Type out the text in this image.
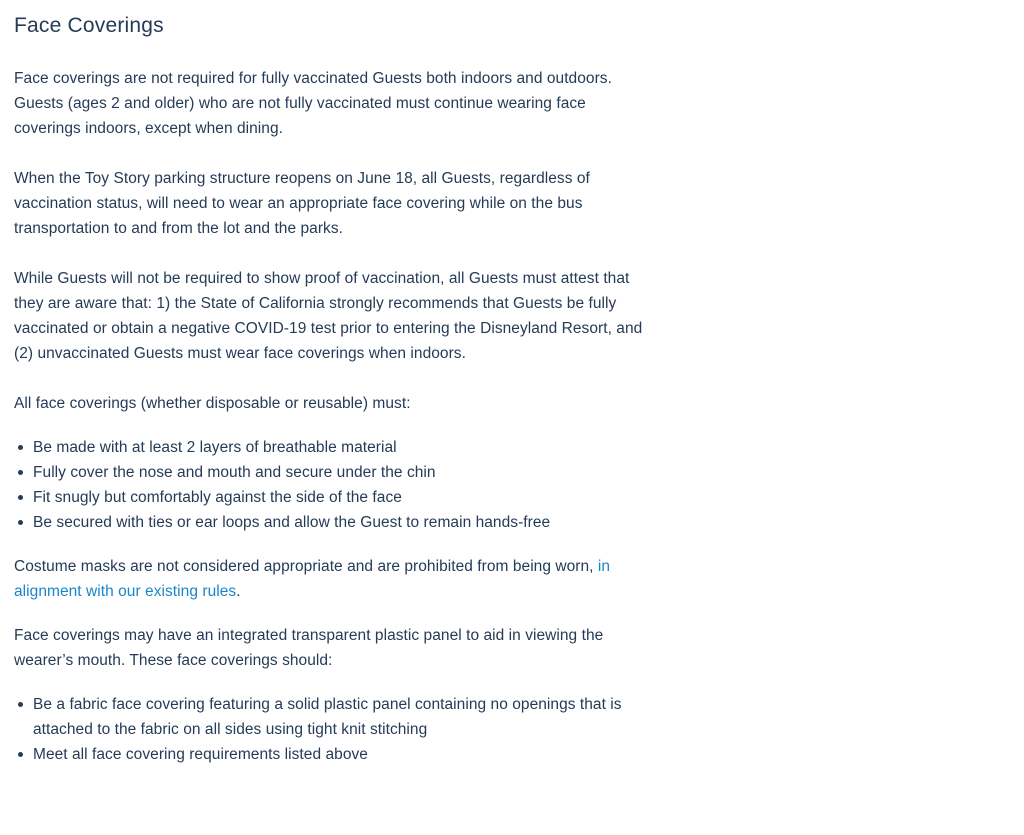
Face Coverings

Face coverings are not required for fully vaccinated Guests both indoors and outdoors. Guests (ages 2 and older) who are not fully vaccinated must continue wearing face coverings indoors, except when dining.

When the Toy Story parking structure reopens on June 18, all Guests, regardless of vaccination status, will need to wear an appropriate face covering while on the bus transportation to and from the lot and the parks.

While Guests will not be required to show proof of vaccination, all Guests must attest that they are aware that: 1) the State of California strongly recommends that Guests be fully vaccinated or obtain a negative COVID-19 test prior to entering the Disneyland Resort, and (2) unvaccinated Guests must wear face coverings when indoors.

All face coverings (whether disposable or reusable) must:

Be made with at least 2 layers of breathable material
Fully cover the nose and mouth and secure under the chin
Fit snugly but comfortably against the side of the face
Be secured with ties or ear loops and allow the Guest to remain hands-free

Costume masks are not considered appropriate and are prohibited from being worn, in alignment with our existing rules.

Face coverings may have an integrated transparent plastic panel to aid in viewing the wearer’s mouth. These face coverings should:

Be a fabric face covering featuring a solid plastic panel containing no openings that is attached to the fabric on all sides using tight knit stitching
Meet all face covering requirements listed above
